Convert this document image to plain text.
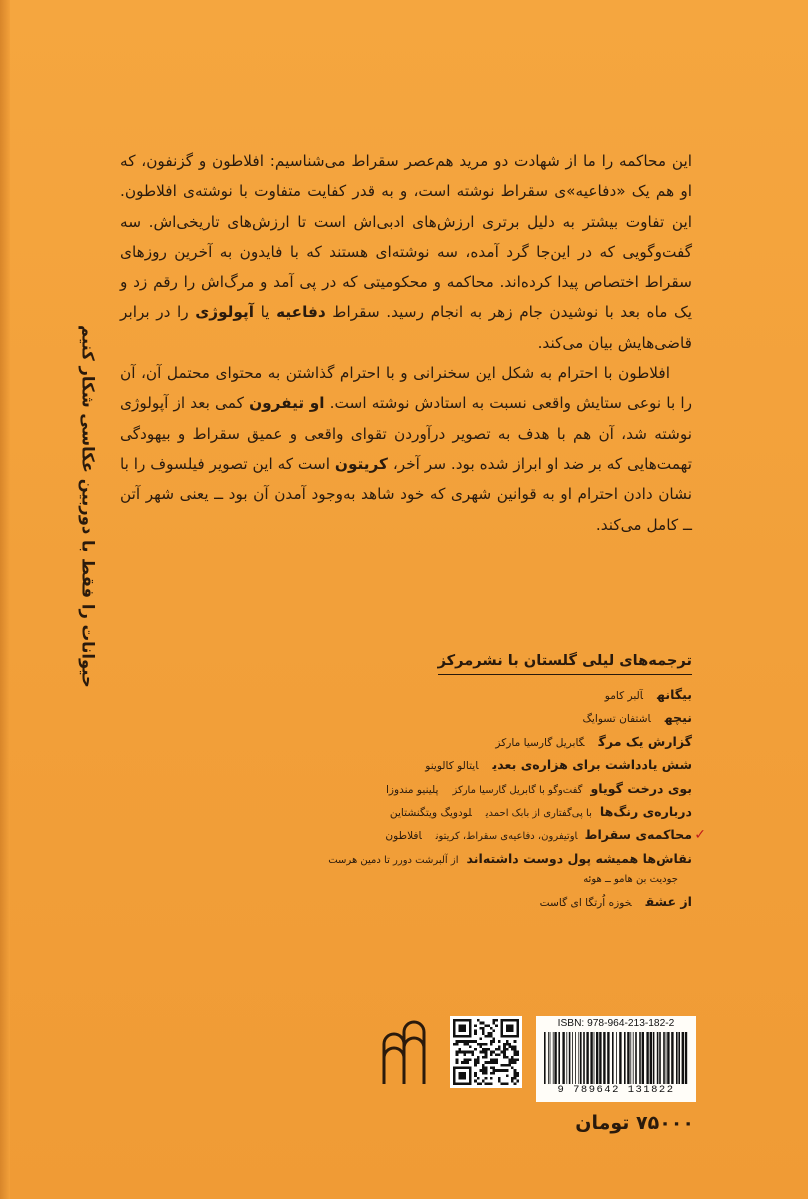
این محاکمه را ما از شهادت دو مرید هم‌عصر سقراط می‌شناسیم: افلاطون و گزنفون، که او هم یک «دفاعیه»ی سقراط نوشته است، و به قدر کفایت متفاوت با نوشته‌ی افلاطون. این تفاوت بیشتر به دلیل برتری ارزش‌های ادبی‌اش است تا ارزش‌های تاریخی‌اش. سه گفت‌وگویی که در این‌جا گرد آمده، سه نوشته‌ای هستند که با فایدون به آخرین روزهای سقراط اختصاص پیدا کرده‌اند. محاکمه و محکومیتی که در پی آمد و مرگ‌اش را رقم زد و یک ماه بعد با نوشیدن جام زهر به انجام رسید. سقراط دفاعیه یا آپولوژی را در برابر قاضی‌هایش بیان می‌کند.

افلاطون با احترام به شکل این سخنرانی و با احترام گذاشتن به محتوای محتمل آن، آن را با نوعی ستایش واقعی نسبت به استادش نوشته است. او تیفرون کمی بعد از آپولوژی نوشته شد، آن هم با هدف به تصویر درآوردن تقوای واقعی و عمیق سقراط و بیهودگی تهمت‌هایی که بر ضد او ابراز شده بود. سر آخر، کریتون است که این تصویر فیلسوف را با نشان دادن احترام او به قوانین شهری که خود شاهد به‌وجود آمدن آن بود ــ یعنی شهر آتن ــ کامل می‌کند.

حیوانات را فقط با دوربین عکاسی شکار کنیم	ترجمه‌های لیلی گلستان با نشرمرکز
بیگانهآلبر کامو
نیچهاشتفان تسوایگ
گزارش یک مرگگابریل گارسیا مارکز
شش یادداشت برای هزاره‌ی بعدیایتالو کالوینو
بوی درخت گویاوگفت‌وگو با گابریل گارسیا مارکزپلینیو مندوزا
درباره‌ی رنگ‌هابا پی‌گفتاری از بابک احمدیلودویگ ویتگنشتاین
✓
محاکمه‌ی سقراطاوتیفرون، دفاعیه‌ی سقراط، کریتونافلاطون
نقاش‌ها همیشه پول دوست داشته‌انداز آلبرشت دورر تا دمین هرست
جودیت بن هامو ــ هوئه
از عشقخوزه اُرتگا ای گاست
ISBN: 978-964-213-182-2
9 789642 131822
۷۵۰۰۰ تومان
